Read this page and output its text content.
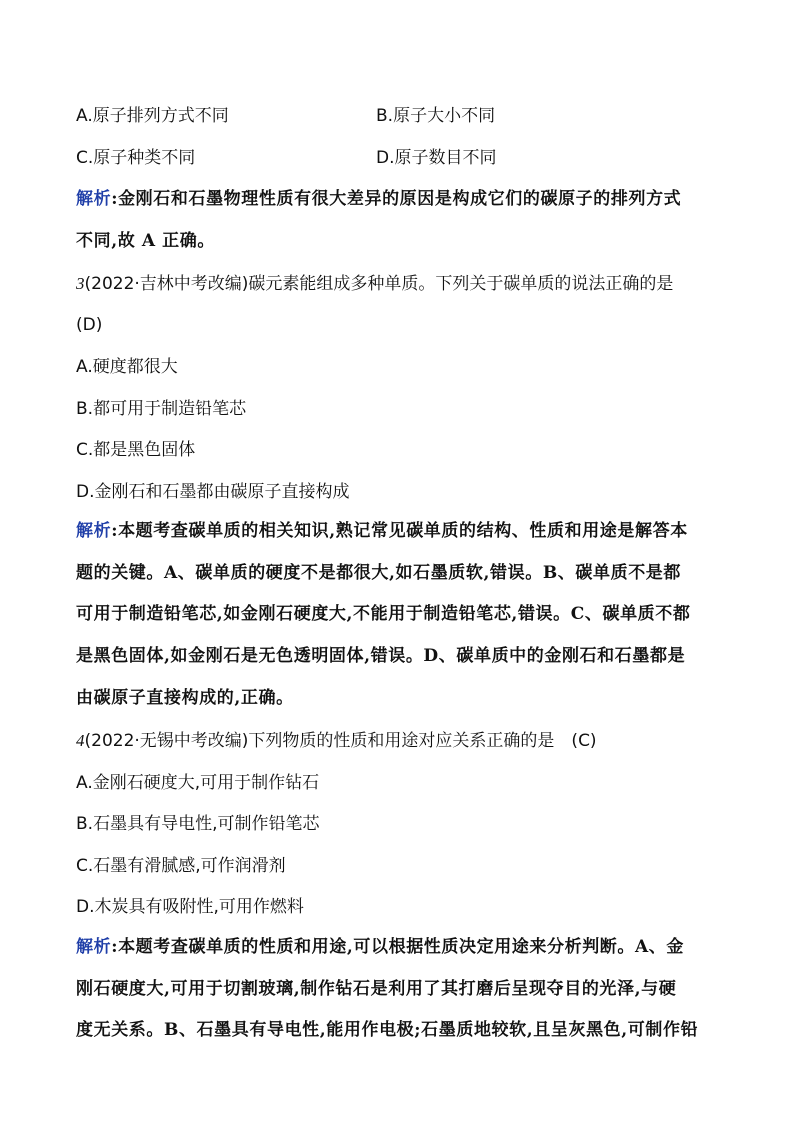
A.原子排列方式不同	B.原子大小不同
C.原子种类不同	D.原子数目不同
解析:金刚石和石墨物理性质有很大差异的原因是构成它们的碳原子的排列方式
不同,故 A 正确。
3(2022·吉林中考改编)碳元素能组成多种单质。下列关于碳单质的说法正确的是
(D)
A.硬度都很大
B.都可用于制造铅笔芯
C.都是黑色固体
D.金刚石和石墨都由碳原子直接构成
解析:本题考查碳单质的相关知识,熟记常见碳单质的结构、性质和用途是解答本
题的关键。A、碳单质的硬度不是都很大,如石墨质软,错误。B、碳单质不是都
可用于制造铅笔芯,如金刚石硬度大,不能用于制造铅笔芯,错误。C、碳单质不都
是黑色固体,如金刚石是无色透明固体,错误。D、碳单质中的金刚石和石墨都是
由碳原子直接构成的,正确。
4(2022·无锡中考改编)下列物质的性质和用途对应关系正确的是　(C)
A.金刚石硬度大,可用于制作钻石
B.石墨具有导电性,可制作铅笔芯
C.石墨有滑腻感,可作润滑剂
D.木炭具有吸附性,可用作燃料
解析:本题考查碳单质的性质和用途,可以根据性质决定用途来分析判断。A、金
刚石硬度大,可用于切割玻璃,制作钻石是利用了其打磨后呈现夺目的光泽,与硬
度无关系。B、石墨具有导电性,能用作电极;石墨质地较软,且呈灰黑色,可制作铅
